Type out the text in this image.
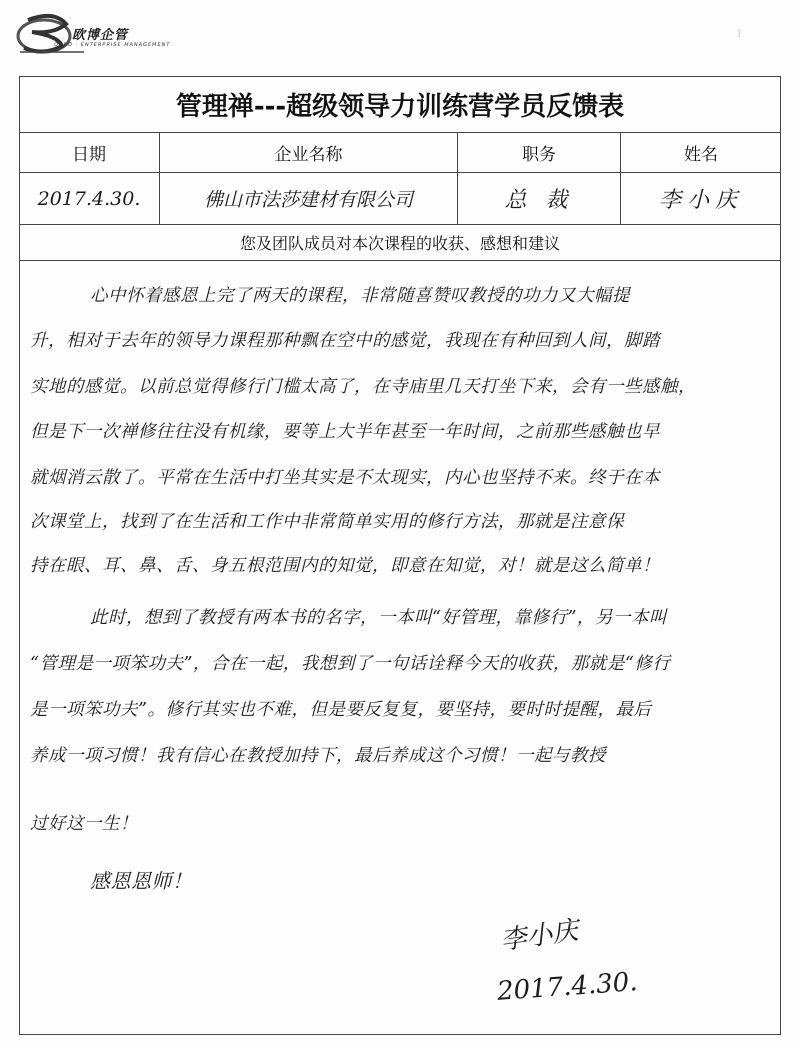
欧博企管
OUBO · ENTERPRISE MANAGEMENT
⟟
管理禅---超级领导力训练营学员反馈表
日期	企业名称	职务	姓名
2017.4.30.	佛山市法莎建材有限公司	总 裁	李小庆
您及团队成员对本次课程的收获、感想和建议
心中怀着感恩上完了两天的课程，非常随喜赞叹教授的功力又大幅提
升，相对于去年的领导力课程那种飘在空中的感觉，我现在有种回到人间，脚踏
实地的感觉。以前总觉得修行门槛太高了，在寺庙里几天打坐下来，会有一些感触，
但是下一次禅修往往没有机缘，要等上大半年甚至一年时间，之前那些感触也早
就烟消云散了。平常在生活中打坐其实是不太现实，内心也坚持不来。终于在本
次课堂上，找到了在生活和工作中非常简单实用的修行方法，那就是注意保
持在眼、耳、鼻、舌、身五根范围内的知觉，即意在知觉，对！就是这么简单！
此时，想到了教授有两本书的名字，一本叫“好管理，靠修行”，另一本叫
“管理是一项笨功夫”，合在一起，我想到了一句话诠释今天的收获，那就是“修行
是一项笨功夫”。修行其实也不难，但是要反复复，要坚持，要时时提醒，最后
养成一项习惯！我有信心在教授加持下，最后养成这个习惯！一起与教授
过好这一生！
感恩恩师！
李小庆
2017.4.30.
